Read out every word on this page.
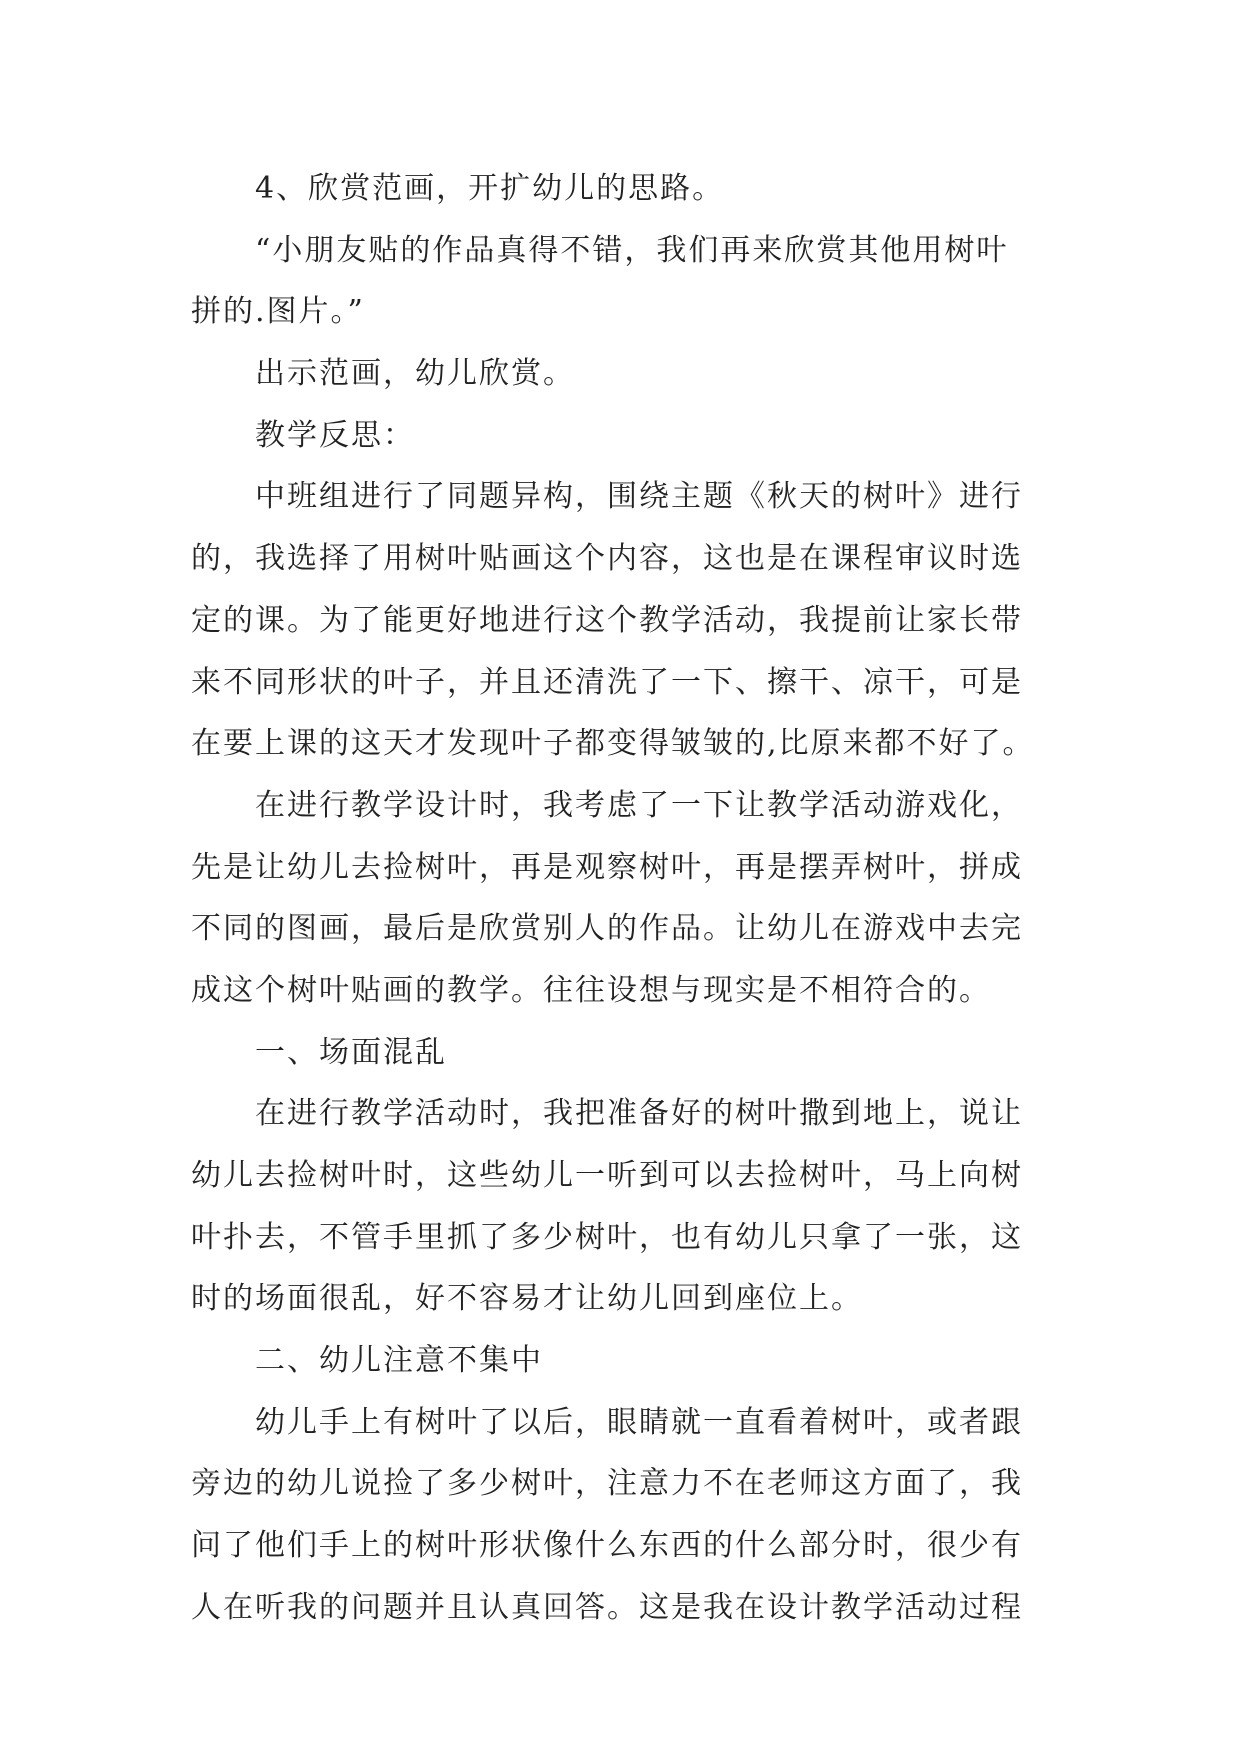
4、欣赏范画，开扩幼儿的思路。
“小朋友贴的作品真得不错，我们再来欣赏其他用树叶
拼的.图片。”
出示范画，幼儿欣赏。
教学反思：
中班组进行了同题异构，围绕主题《秋天的树叶》进行
的，我选择了用树叶贴画这个内容，这也是在课程审议时选
定的课。为了能更好地进行这个教学活动，我提前让家长带
来不同形状的叶子，并且还清洗了一下、擦干、凉干，可是
在要上课的这天才发现叶子都变得皱皱的,比原来都不好了。
在进行教学设计时，我考虑了一下让教学活动游戏化，
先是让幼儿去捡树叶，再是观察树叶，再是摆弄树叶，拼成
不同的图画，最后是欣赏别人的作品。让幼儿在游戏中去完
成这个树叶贴画的教学。往往设想与现实是不相符合的。
一、场面混乱
在进行教学活动时，我把准备好的树叶撒到地上，说让
幼儿去捡树叶时，这些幼儿一听到可以去捡树叶，马上向树
叶扑去，不管手里抓了多少树叶，也有幼儿只拿了一张，这
时的场面很乱，好不容易才让幼儿回到座位上。
二、幼儿注意不集中
幼儿手上有树叶了以后，眼睛就一直看着树叶，或者跟
旁边的幼儿说捡了多少树叶，注意力不在老师这方面了，我
问了他们手上的树叶形状像什么东西的什么部分时，很少有
人在听我的问题并且认真回答。这是我在设计教学活动过程
